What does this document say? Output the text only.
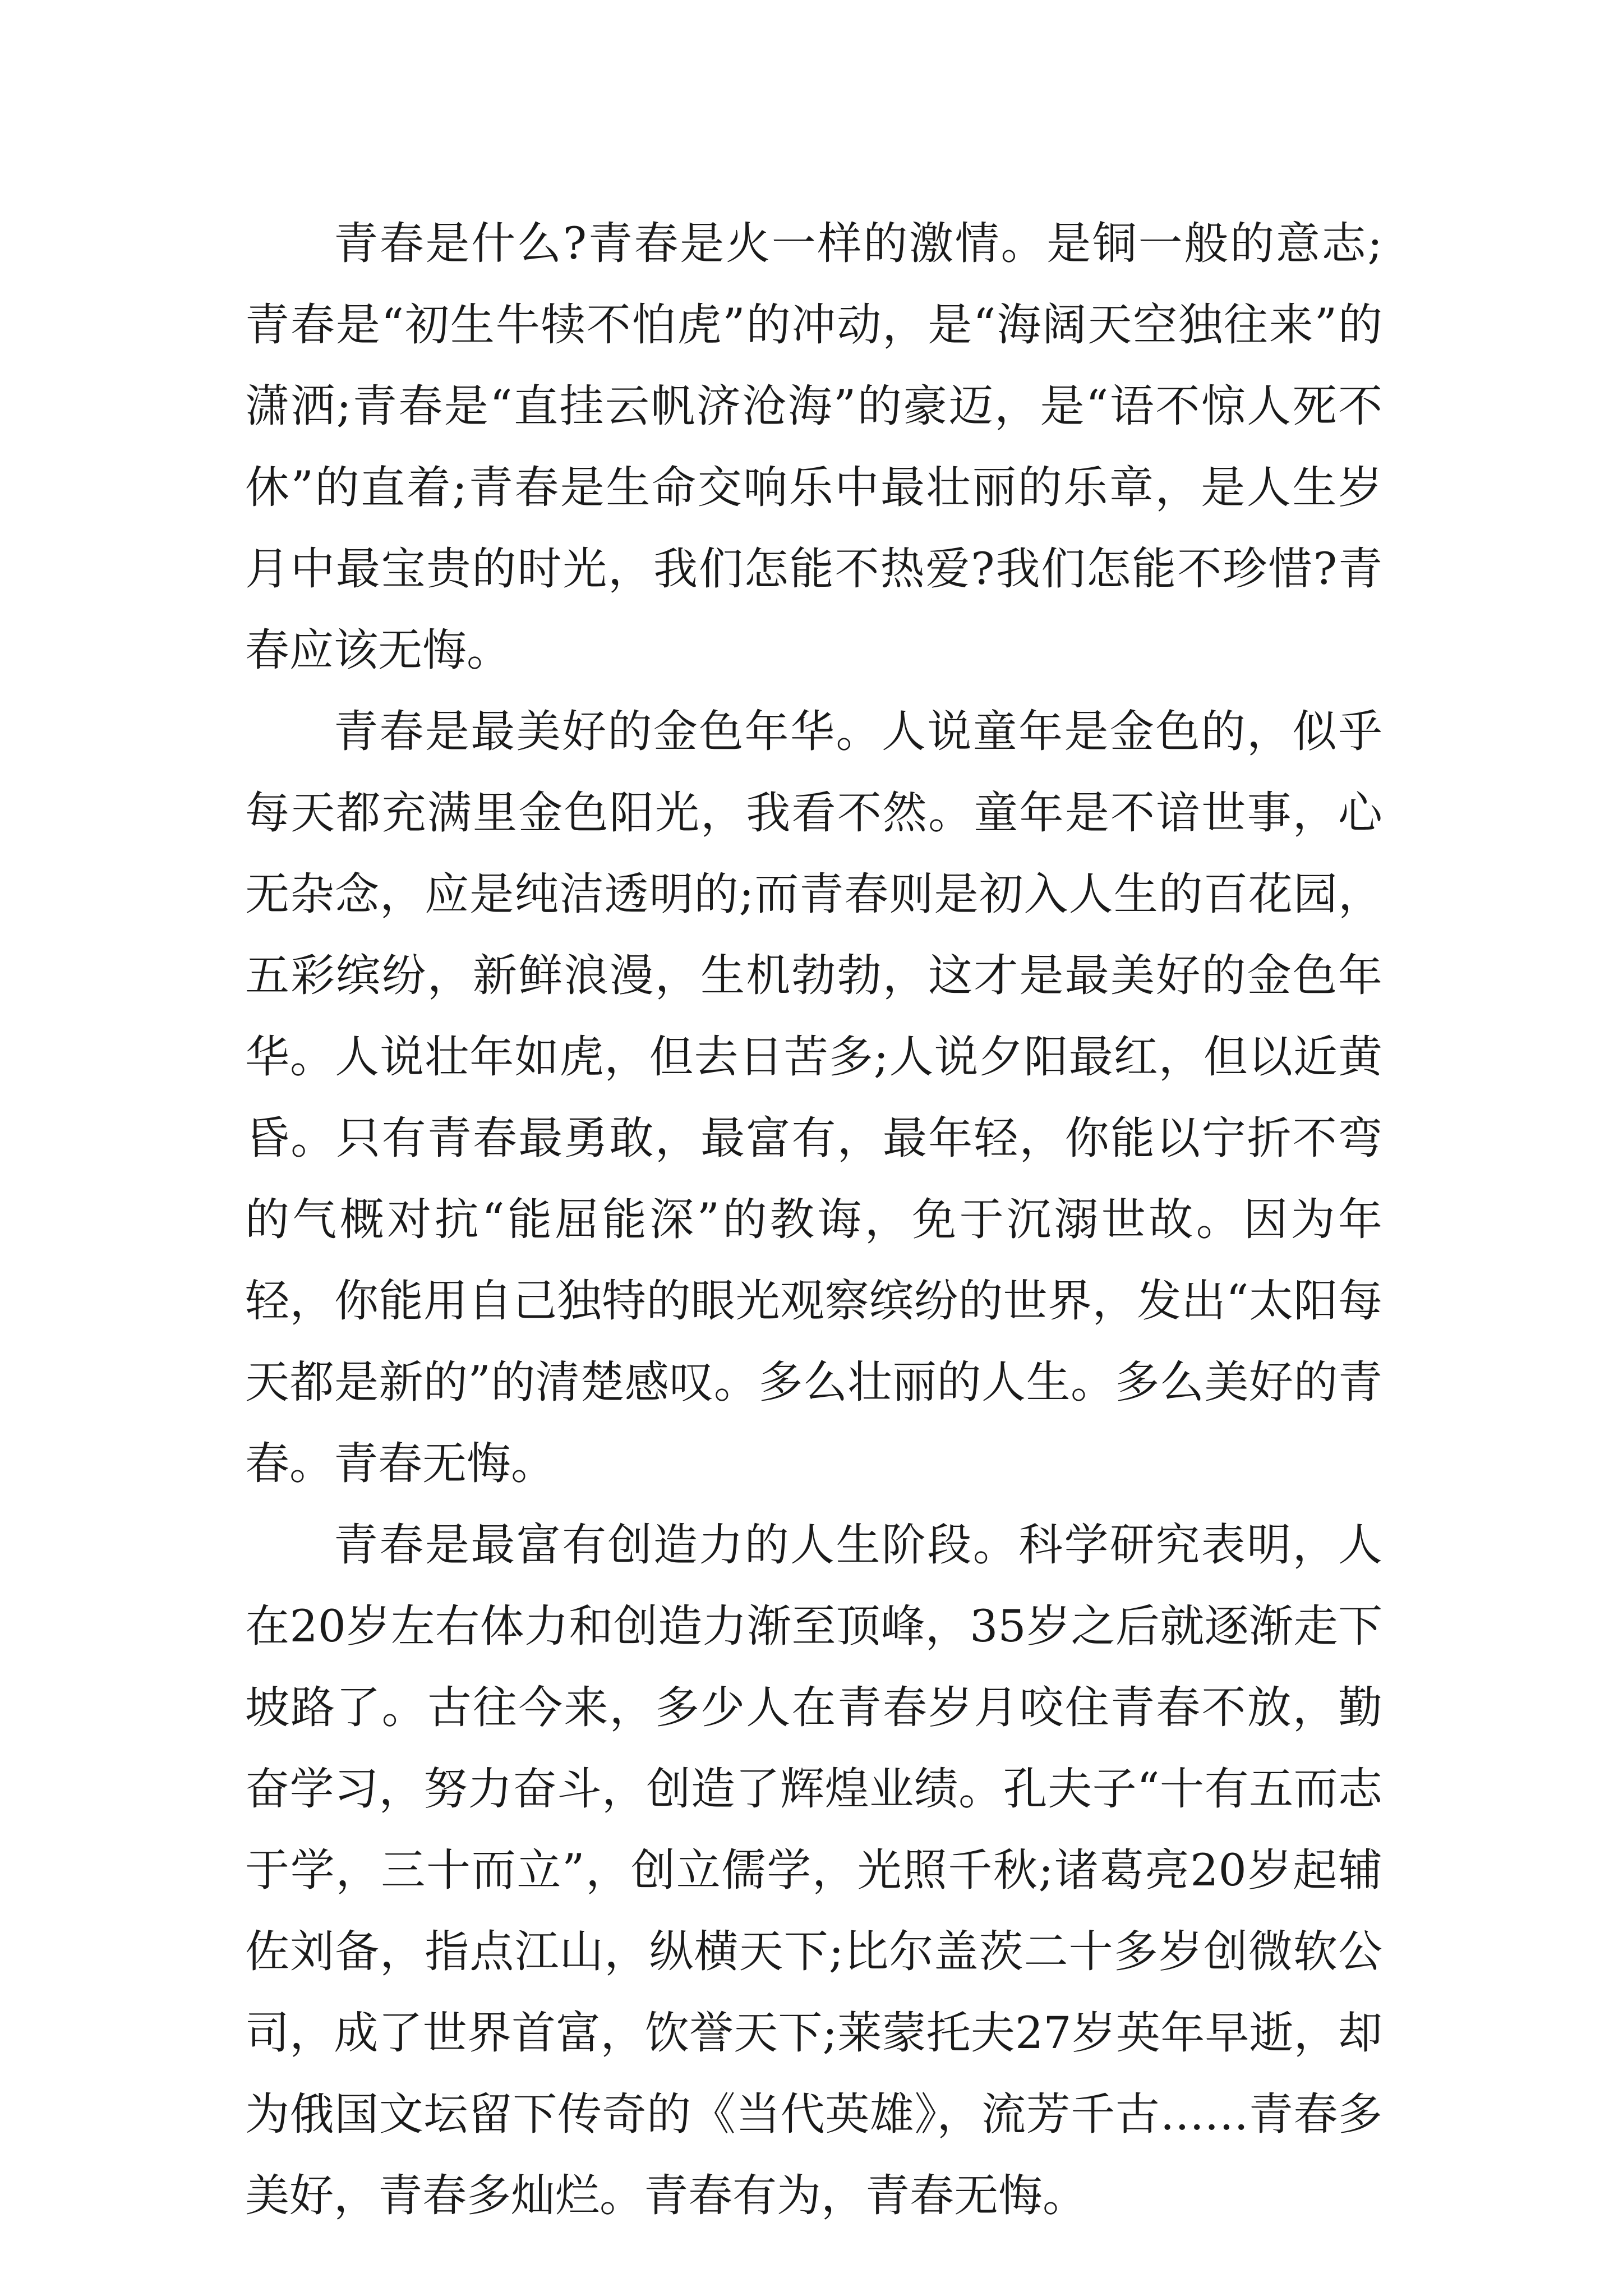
青春是什么?青春是火一样的激情。是铜一般的意志;青春是“初生牛犊不怕虎”的冲动，是“海阔天空独往来”的潇洒;青春是“直挂云帆济沧海”的豪迈，是“语不惊人死不休”的直着;青春是生命交响乐中最壮丽的乐章，是人生岁月中最宝贵的时光，我们怎能不热爱?我们怎能不珍惜?青春应该无悔。

青春是最美好的金色年华。人说童年是金色的，似乎每天都充满里金色阳光，我看不然。童年是不谙世事，心无杂念，应是纯洁透明的;而青春则是初入人生的百花园，五彩缤纷，新鲜浪漫，生机勃勃，这才是最美好的金色年华。人说壮年如虎，但去日苦多;人说夕阳最红，但以近黄昏。只有青春最勇敢，最富有，最年轻，你能以宁折不弯的气概对抗“能屈能深”的教诲，免于沉溺世故。因为年轻，你能用自己独特的眼光观察缤纷的世界，发出“太阳每天都是新的”的清楚感叹。多么壮丽的人生。多么美好的青春。青春无悔。

青春是最富有创造力的人生阶段。科学研究表明，人在20岁左右体力和创造力渐至顶峰，35岁之后就逐渐走下坡路了。古往今来，多少人在青春岁月咬住青春不放，勤奋学习，努力奋斗，创造了辉煌业绩。孔夫子“十有五而志于学，三十而立”，创立儒学，光照千秋;诸葛亮20岁起辅佐刘备，指点江山，纵横天下;比尔盖茨二十多岁创微软公司，成了世界首富，饮誉天下;莱蒙托夫27岁英年早逝，却为俄国文坛留下传奇的《当代英雄》，流芳千古……青春多美好，青春多灿烂。青春有为，青春无悔。
